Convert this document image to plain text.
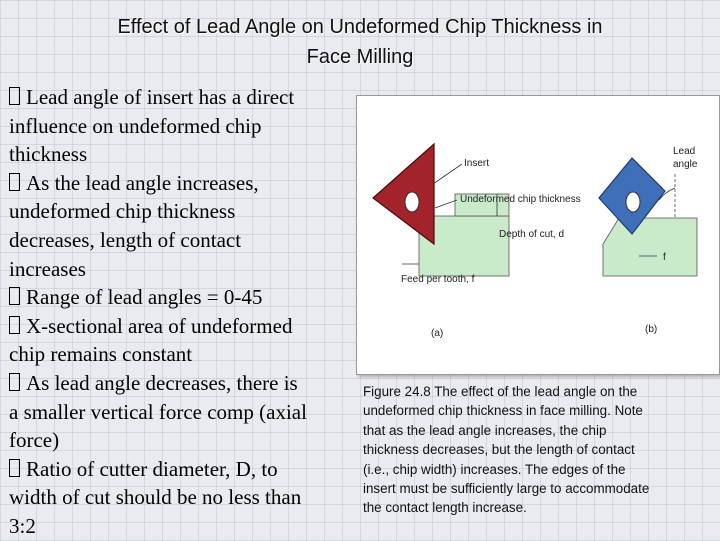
Effect of Lead Angle on Undeformed Chip Thickness in
Face Milling
Lead angle of insert has a direct
influence on undeformed chip
thickness
As the lead angle increases,
undeformed chip thickness
decreases, length of contact
increases
Range of lead angles = 0-45
X-sectional area of undeformed
chip remains constant
As lead angle decreases, there is
a smaller vertical force comp (axial
force)
Ratio of cutter diameter, D, to
width of cut should be no less than
3:2
Insert
Undeformed chip thickness
Depth of cut, d
Feed per tooth, f
(a)
Lead
angle
f
(b)
Figure 24.8 The effect of the lead angle on the
undeformed chip thickness in face milling. Note
that as the lead angle increases, the chip
thickness decreases, but the length of contact
(i.e., chip width) increases. The edges of the
insert must be sufficiently large to accommodate
the contact length increase.
